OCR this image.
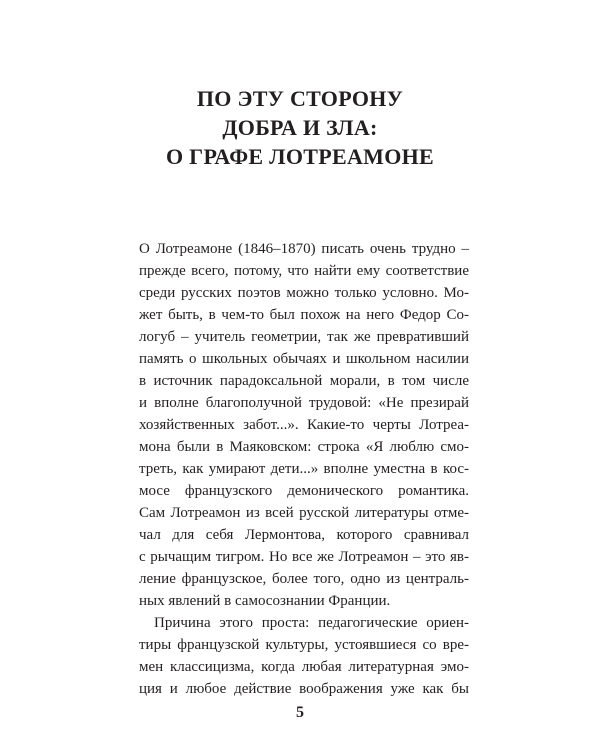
ПО ЭТУ СТОРОНУ
ДОБРА И ЗЛА:
О ГРАФЕ ЛОТРЕАМОНЕ
О Лотреамоне (1846–1870) писать очень трудно –
прежде всего, потому, что найти ему соответствие
среди русских поэтов можно только условно. Мо-
жет быть, в чем-то был похож на него Федор Со-
логуб – учитель геометрии, так же превративший
память о школьных обычаях и школьном насилии
в источник парадоксальной морали, в том числе
и вполне благополучной трудовой: «Не презирай
хозяйственных забот...». Какие-то черты Лотреа-
мона были в Маяковском: строка «Я люблю смо-
треть, как умирают дети...» вполне уместна в кос-
мосе французского демонического романтика.
Сам Лотреамон из всей русской литературы отме-
чал для себя Лермонтова, которого сравнивал
с рычащим тигром. Но все же Лотреамон – это яв-
ление французское, более того, одно из централь-
ных явлений в самосознании Франции.
Причина этого проста: педагогические ориен-
тиры французской культуры, устоявшиеся со вре-
мен классицизма, когда любая литературная эмо-
ция и любое действие воображения уже как бы
5
